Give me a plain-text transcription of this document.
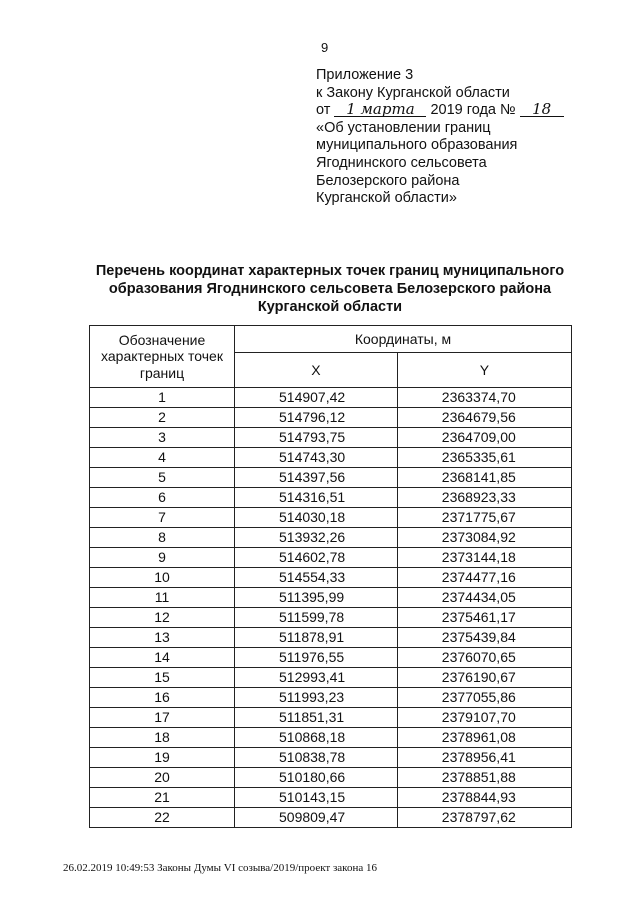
9
Приложение 3
к Закону Курганской области
от 1 марта 2019 года № 18
«Об установлении границ
муниципального образования
Ягоднинского сельсовета
Белозерского района
Курганской области»
Перечень координат характерных точек границ муниципального
образования Ягоднинского сельсовета Белозерского района
Курганской области
Обозначение характерных точек границ	Координаты, м	
	X	Y
1	514907,42	2363374,70
2	514796,12	2364679,56
3	514793,75	2364709,00
4	514743,30	2365335,61
5	514397,56	2368141,85
6	514316,51	2368923,33
7	514030,18	2371775,67
8	513932,26	2373084,92
9	514602,78	2373144,18
10	514554,33	2374477,16
11	511395,99	2374434,05
12	511599,78	2375461,17
13	511878,91	2375439,84
14	511976,55	2376070,65
15	512993,41	2376190,67
16	511993,23	2377055,86
17	511851,31	2379107,70
18	510868,18	2378961,08
19	510838,78	2378956,41
20	510180,66	2378851,88
21	510143,15	2378844,93
22	509809,47	2378797,62
26.02.2019 10:49:53 Законы Думы VI созыва/2019/проект закона 16
